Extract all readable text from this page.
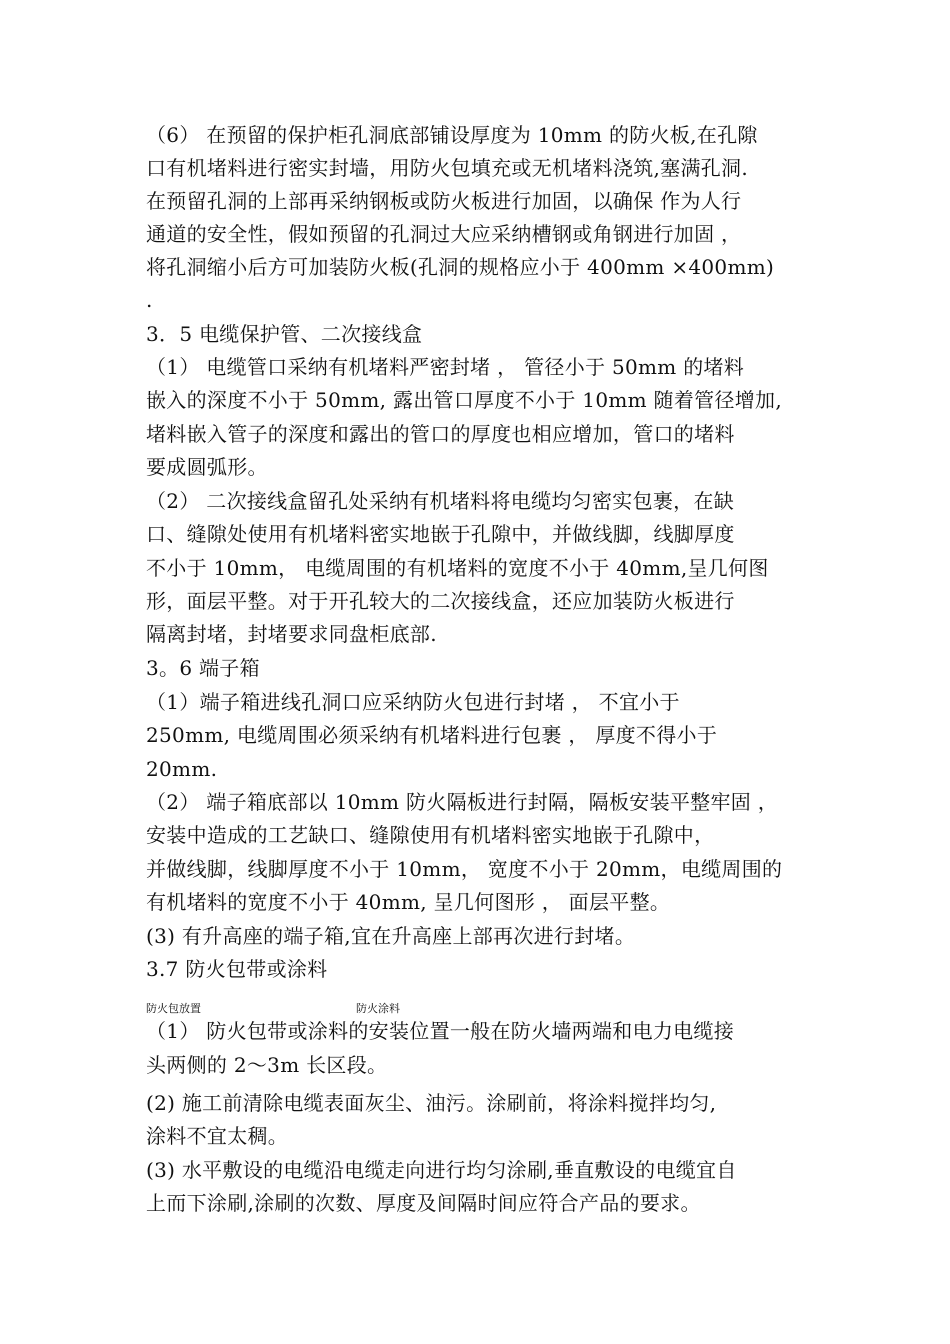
（6） 在预留的保护柜孔洞底部铺设厚度为 10mm 的防火板,在孔隙
口有机堵料进行密实封墙，用防火包填充或无机堵料浇筑,塞满孔洞.
在预留孔洞的上部再采纳钢板或防火板进行加固，以确保 作为人行
通道的安全性，假如预留的孔洞过大应采纳槽钢或角钢进行加固 ，
将孔洞缩小后方可加装防火板(孔洞的规格应小于 400mm ×400mm)
.
3．5 电缆保护管、二次接线盒
（1） 电缆管口采纳有机堵料严密封堵 ， 管径小于 50mm 的堵料
嵌入的深度不小于 50mm, 露出管口厚度不小于 10mm 随着管径增加,
堵料嵌入管子的深度和露出的管口的厚度也相应增加，管口的堵料
要成圆弧形。
（2） 二次接线盒留孔处采纳有机堵料将电缆均匀密实包裹，在缺
口、缝隙处使用有机堵料密实地嵌于孔隙中，并做线脚，线脚厚度
不小于 10mm， 电缆周围的有机堵料的宽度不小于 40mm,呈几何图
形，面层平整。对于开孔较大的二次接线盒，还应加装防火板进行
隔离封堵，封堵要求同盘柜底部.
3。6 端子箱
（1）端子箱进线孔洞口应采纳防火包进行封堵 ， 不宜小于
250mm, 电缆周围必须采纳有机堵料进行包裹 ， 厚度不得小于
20mm.
（2） 端子箱底部以 10mm 防火隔板进行封隔，隔板安装平整牢固 ，
安装中造成的工艺缺口、缝隙使用有机堵料密实地嵌于孔隙中，
并做线脚，线脚厚度不小于 10mm， 宽度不小于 20mm，电缆周围的
有机堵料的宽度不小于 40mm, 呈几何图形 ， 面层平整。
(3) 有升高座的端子箱,宜在升高座上部再次进行封堵。
3.7 防火包带或涂料
防火包放置	防火涂料
（1） 防火包带或涂料的安装位置一般在防火墙两端和电力电缆接
头两侧的 2～3m 长区段。
(2) 施工前清除电缆表面灰尘、油污。涂刷前，将涂料搅拌均匀,
涂料不宜太稠。
(3) 水平敷设的电缆沿电缆走向进行均匀涂刷,垂直敷设的电缆宜自
上而下涂刷,涂刷的次数、厚度及间隔时间应符合产品的要求。
